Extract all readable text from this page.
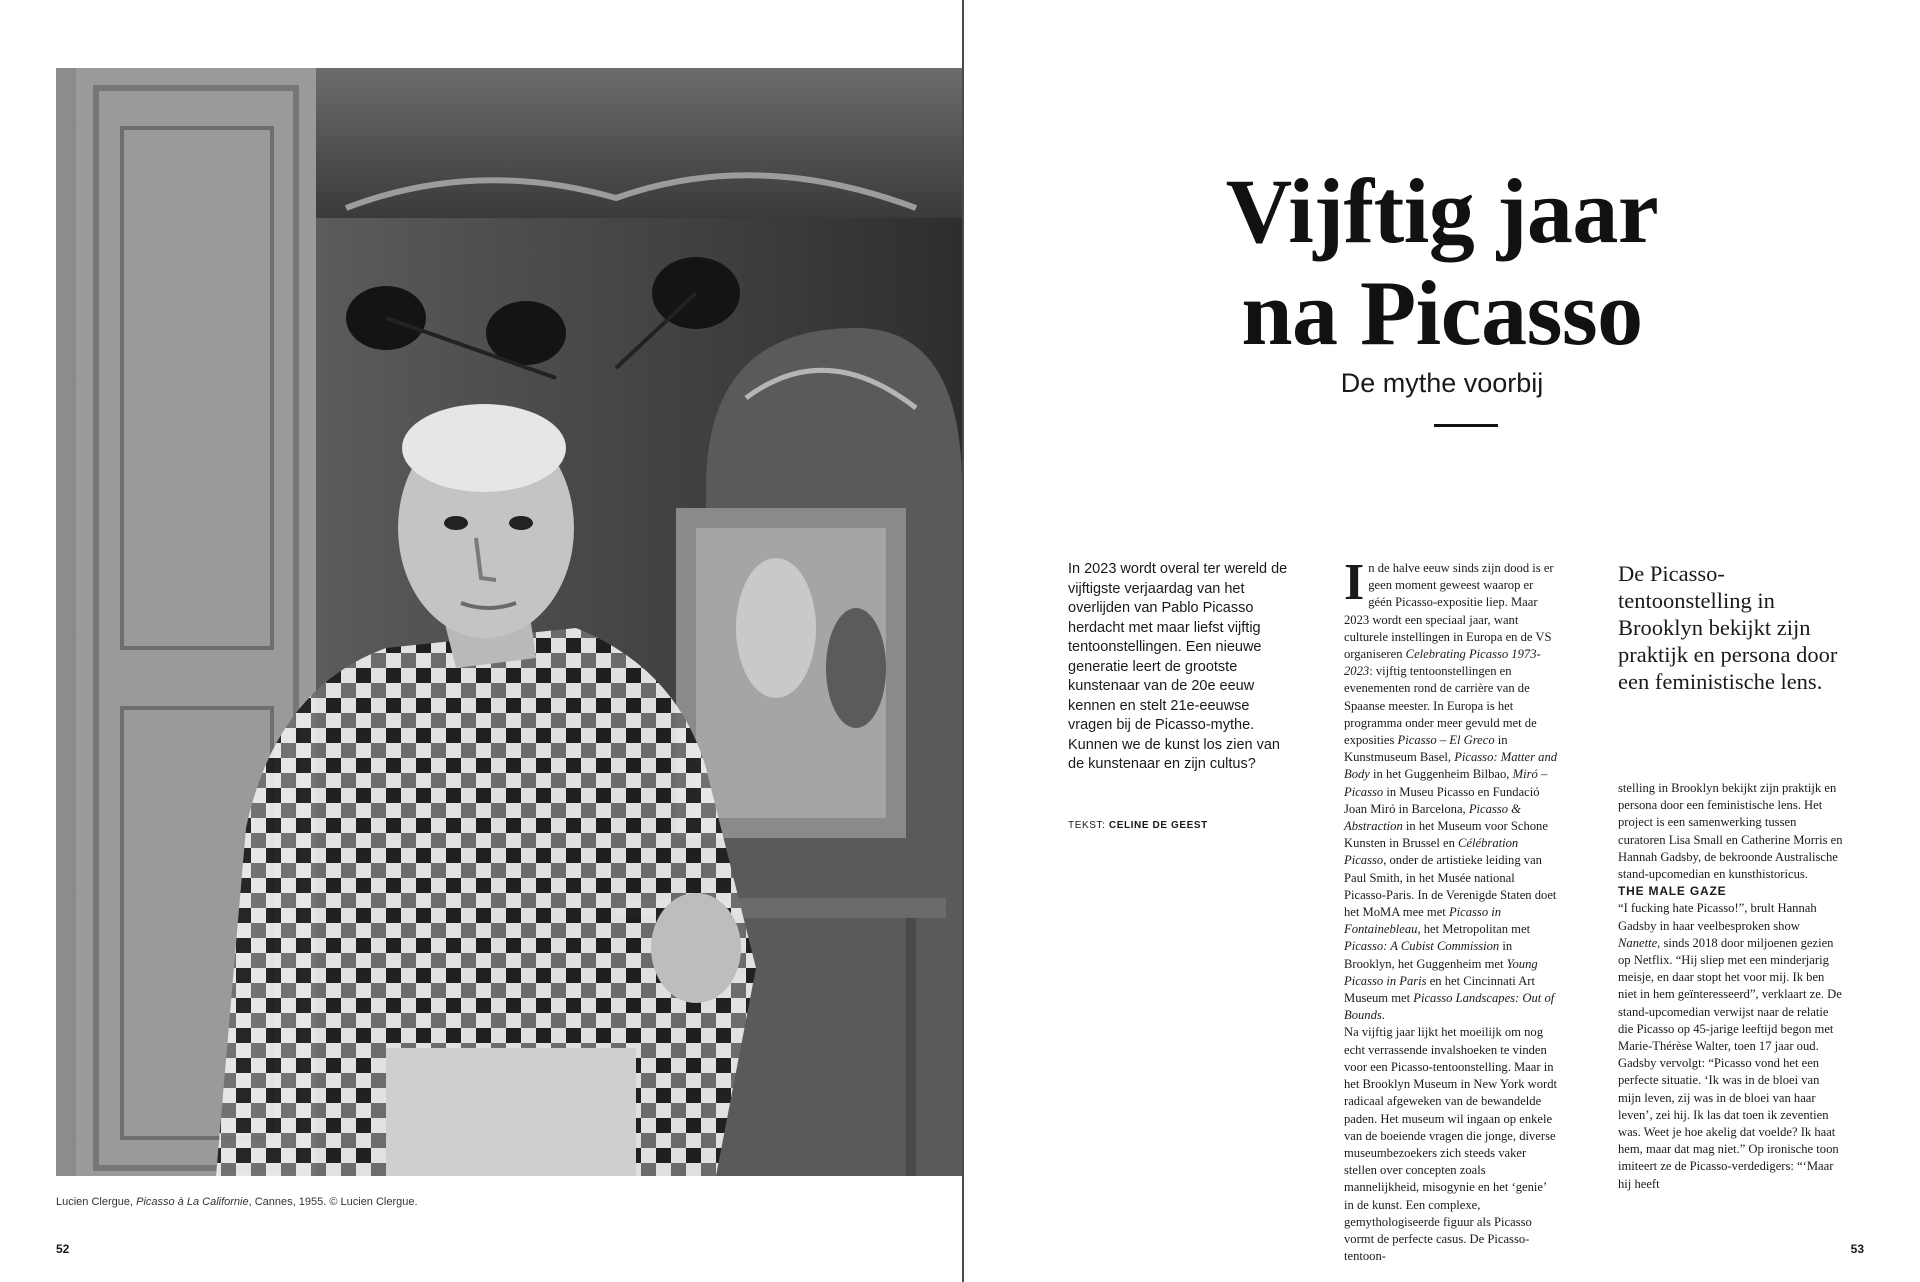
Lucien Clergue, Picasso à La Californie, Cannes, 1955. © Lucien Clergue.
52
Vijftig jaar
na Picasso
De mythe voorbij
In 2023 wordt overal ter wereld de vijftigste verjaardag van het overlijden van Pablo Picasso herdacht met maar liefst vijftig tentoonstellingen. Een nieuwe generatie leert de grootste kunstenaar van de 20e eeuw kennen en stelt 21e-eeuwse vragen bij de Picasso-mythe. Kunnen we de kunst los zien van de kunstenaar en zijn cultus?
TEKST: CELINE DE GEEST

In de halve eeuw sinds zijn dood is er geen moment geweest waarop er géén Picasso-expositie liep. Maar 2023 wordt een speciaal jaar, want culturele instellingen in Europa en de VS organiseren Celebrating Picasso 1973-2023: vijftig tentoonstellingen en evenementen rond de carrière van de Spaanse meester. In Europa is het programma onder meer gevuld met de exposities Picasso – El Greco in Kunstmuseum Basel, Picasso: Matter and Body in het Guggenheim Bilbao, Miró – Picasso in Museu Picasso en Fundació Joan Miró in Barcelona, Picasso & Abstraction in het Museum voor Schone Kunsten in Brussel en Célébration Picasso, onder de artistieke leiding van Paul Smith, in het Musée national Picasso-Paris. In de Verenigde Staten doet het MoMA mee met Picasso in Fontainebleau, het Metropolitan met Picasso: A Cubist Commission in Brooklyn, het Guggenheim met Young Picasso in Paris en het Cincinnati Art Museum met Picasso Landscapes: Out of Bounds.

Na vijftig jaar lijkt het moeilijk om nog echt verrassende invalshoeken te vinden voor een Picasso-tentoonstelling. Maar in het Brooklyn Museum in New York wordt radicaal afgeweken van de bewandelde paden. Het museum wil ingaan op enkele van de boeiende vragen die jonge, diverse museumbezoekers zich steeds vaker stellen over concepten zoals mannelijkheid, misogynie en het ‘genie’ in de kunst. Een complexe, gemythologiseerde figuur als Picasso vormt de perfecte casus. De Picasso-tentoon-

De Picasso-tentoonstelling in Brooklyn bekijkt zijn praktijk en persona door een feministische lens.

stelling in Brooklyn bekijkt zijn praktijk en persona door een feministische lens. Het project is een samenwerking tussen curatoren Lisa Small en Catherine Morris en Hannah Gadsby, de bekroonde Australische stand-upcomedian en kunsthistoricus.

THE MALE GAZE

“I fucking hate Picasso!”, brult Hannah Gadsby in haar veelbesproken show Nanette, sinds 2018 door miljoenen gezien op Netflix. “Hij sliep met een minderjarig meisje, en daar stopt het voor mij. Ik ben niet in hem geïnteresseerd”, verklaart ze. De stand-upcomedian verwijst naar de relatie die Picasso op 45-jarige leeftijd begon met Marie-Thérèse Walter, toen 17 jaar oud. Gadsby vervolgt: “Picasso vond het een perfecte situatie. ‘Ik was in de bloei van mijn leven, zij was in de bloei van haar leven’, zei hij. Ik las dat toen ik zeventien was. Weet je hoe akelig dat voelde? Ik haat hem, maar dat mag niet.” Op ironische toon imiteert ze de Picasso-verdedigers: “‘Maar hij heeft

53
